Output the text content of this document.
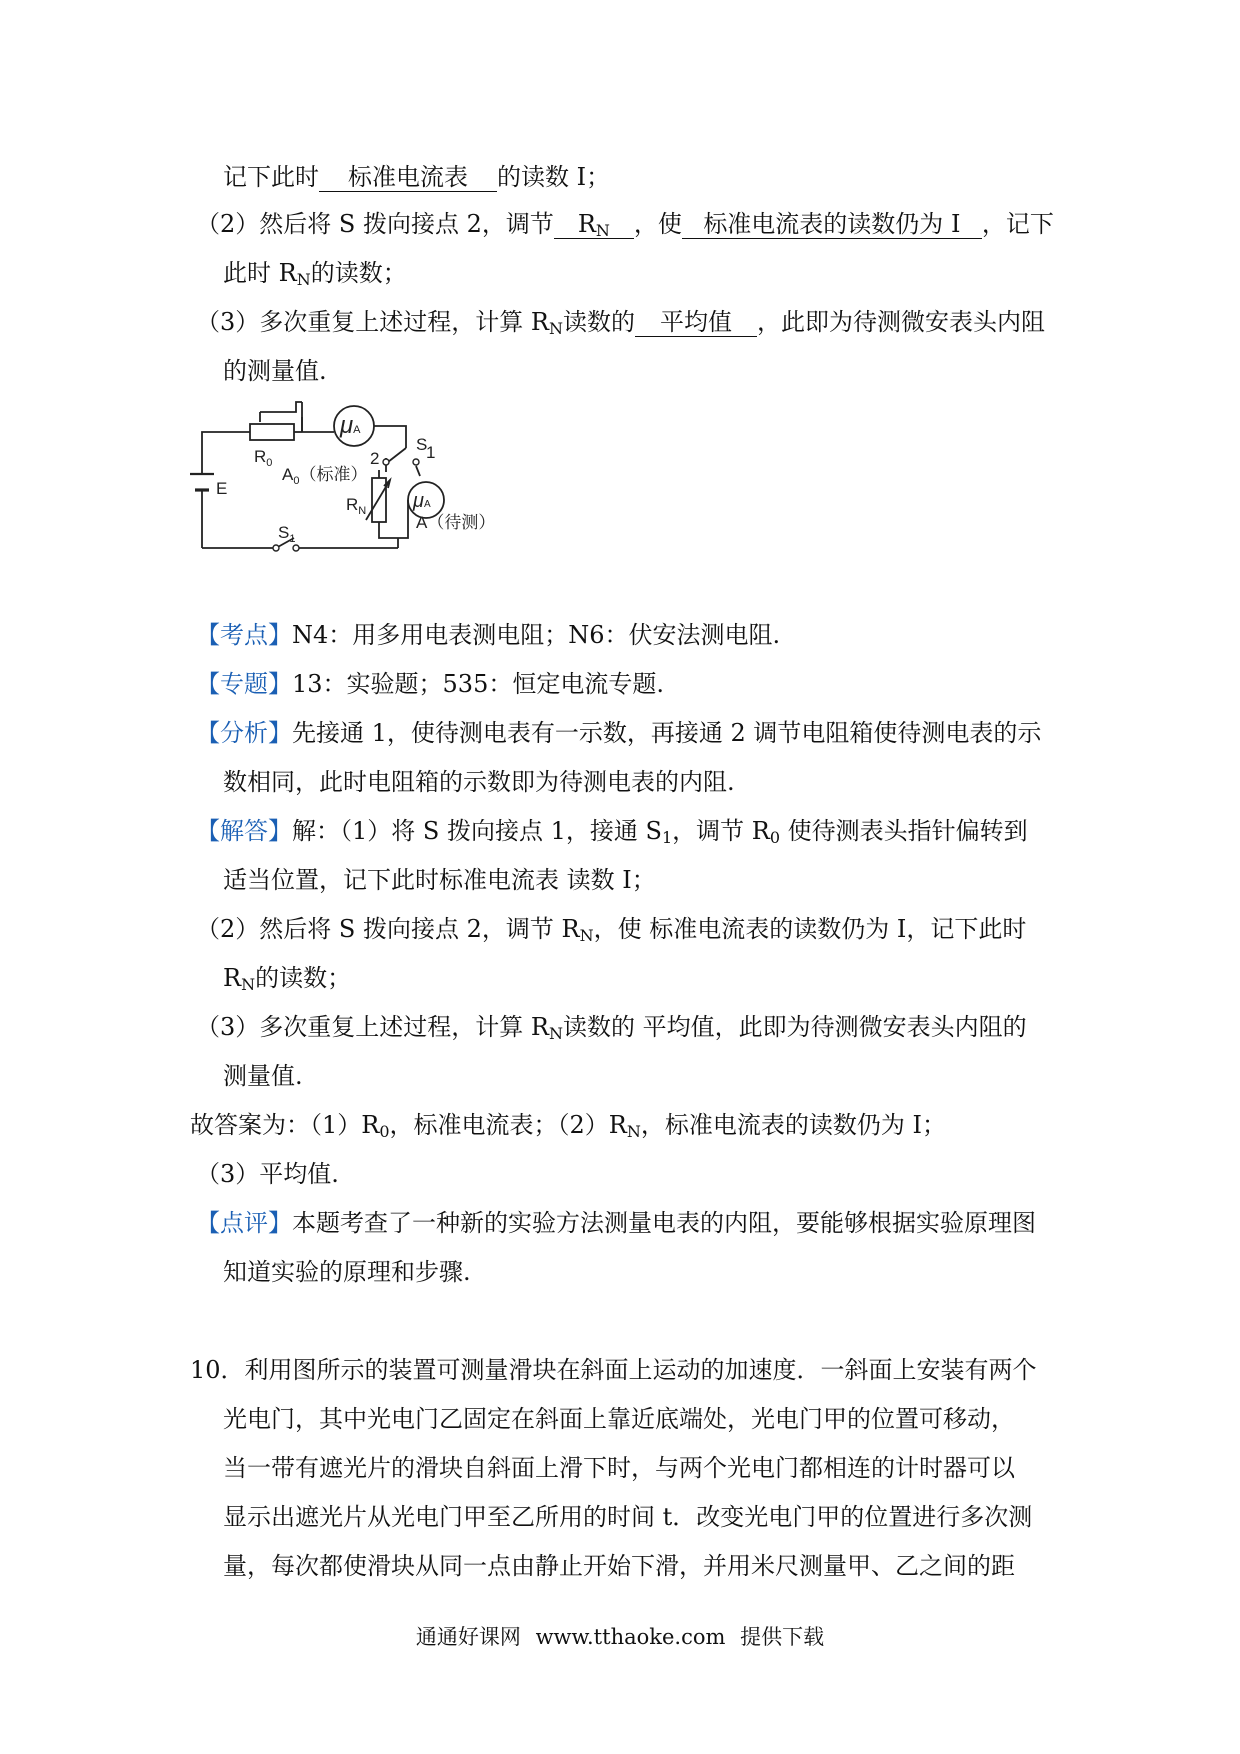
记下此时 标准电流表 的读数 I；
（2）然后将 S 拨向接点 2，调节 $R_N$ ，使 标准电流表的读数仍为 I ，记下
此时 $R_N$的读数；
（3）多次重复上述过程，计算 $R_N$读数的 平均值 ，此即为待测微安表头内阻
的测量值.
$R_0$
μA
$A_0$（标准）
S
2	1
$R_N$ μA
A（待测）
E
$S_1$
【考点】N4：用多用电表测电阻；N6：伏安法测电阻.
【专题】13：实验题；535：恒定电流专题.
【分析】先接通 1，使待测电表有一示数，再接通 2 调节电阻箱使待测电表的示
数相同，此时电阻箱的示数即为待测电表的内阻.
【解答】解：（1）将 S 拨向接点 1，接通 $S_1$，调节 $R_0$ 使待测表头指针偏转到
适当位置，记下此时标准电流表 读数 I；
（2）然后将 S 拨向接点 2，调节 $R_N$，使 标准电流表的读数仍为 I，记下此时
$R_N$的读数；
（3）多次重复上述过程，计算 $R_N$读数的 平均值，此即为待测微安表头内阻的
测量值.
故答案为：$(1)R_0$，标准电流表；$(2)R_N$，标准电流表的读数仍为 I；
（3）平均值.
【点评】本题考查了一种新的实验方法测量电表的内阻，要能够根据实验原理图
知道实验的原理和步骤.
10．利用图所示的装置可测量滑块在斜面上运动的加速度．一斜面上安装有两个
光电门，其中光电门乙固定在斜面上靠近底端处，光电门甲的位置可移动，
当一带有遮光片的滑块自斜面上滑下时，与两个光电门都相连的计时器可以
显示出遮光片从光电门甲至乙所用的时间 t．改变光电门甲的位置进行多次测
量，每次都使滑块从同一点由静止开始下滑，并用米尺测量甲、乙之间的距
通通好课网 www.tthaoke.com 提供下载
